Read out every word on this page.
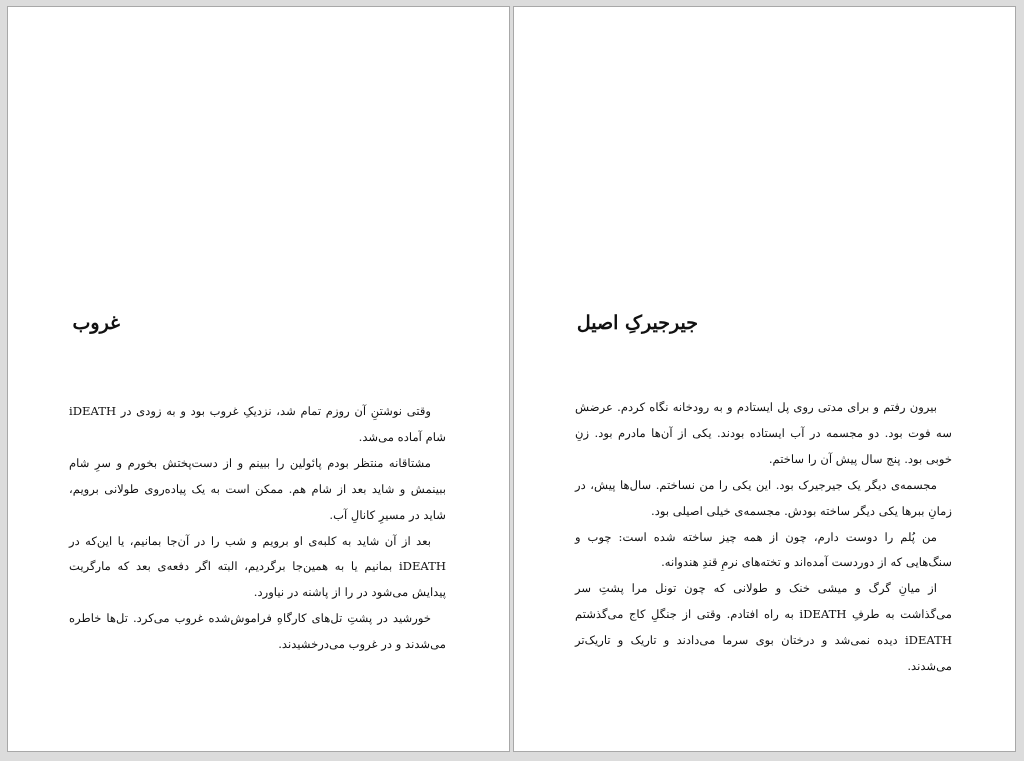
غروب

وقتی نوشتنِ آن روزم تمام شد، نزدیکِ غروب بود و به زودی در iDEATH شام آماده می‌شد.

مشتاقانه منتظر بودم پائولین را ببینم و از دست‌پختش بخورم و سرِ شام ببینمش و شاید بعد از شام هم. ممکن است به یک پیاده‌روی طولانی برویم، شاید در مسیرِ کانالِ آب.

بعد از آن شاید به کلبه‌ی او برویم و شب را در آن‌جا بمانیم، یا این‌که در iDEATH بمانیم یا به همین‌جا برگردیم، البته اگر دفعه‌ی بعد که مارگریت پیدایش می‌شود در را از پاشنه در نیاورد.

خورشید در پشتِ تل‌های کارگاهِ فراموش‌شده غروب می‌کرد. تل‌ها خاطره می‌شدند و در غروب می‌درخشیدند.

جیرجیرکِ اصیل

بیرون رفتم و برای مدتی روی پل ایستادم و به رودخانه نگاه کردم. عرضش سه فوت بود. دو مجسمه در آب ایستاده بودند. یکی از آن‌ها مادرم بود. زنِ خوبی بود. پنج سال پیش آن را ساختم.

مجسمه‌ی دیگر یک جیرجیرک بود. این یکی را من نساختم. سال‌ها پیش، در زمانِ ببرها یکی دیگر ساخته بودش. مجسمه‌ی خیلی اصیلی بود.

من پُلم را دوست دارم، چون از همه چیز ساخته شده است: چوب و سنگ‌هایی که از دوردست آمده‌اند و تخته‌های نرمِ قندِ هندوانه.

از میانِ گرگ و میشی خنک و طولانی که چون تونل مرا پشتِ سر می‌گذاشت به طرفِ iDEATH به راه افتادم. وقتی از جنگلِ کاج می‌گذشتم iDEATH دیده نمی‌شد و درختان بوی سرما می‌دادند و تاریک و تاریک‌تر می‌شدند.
